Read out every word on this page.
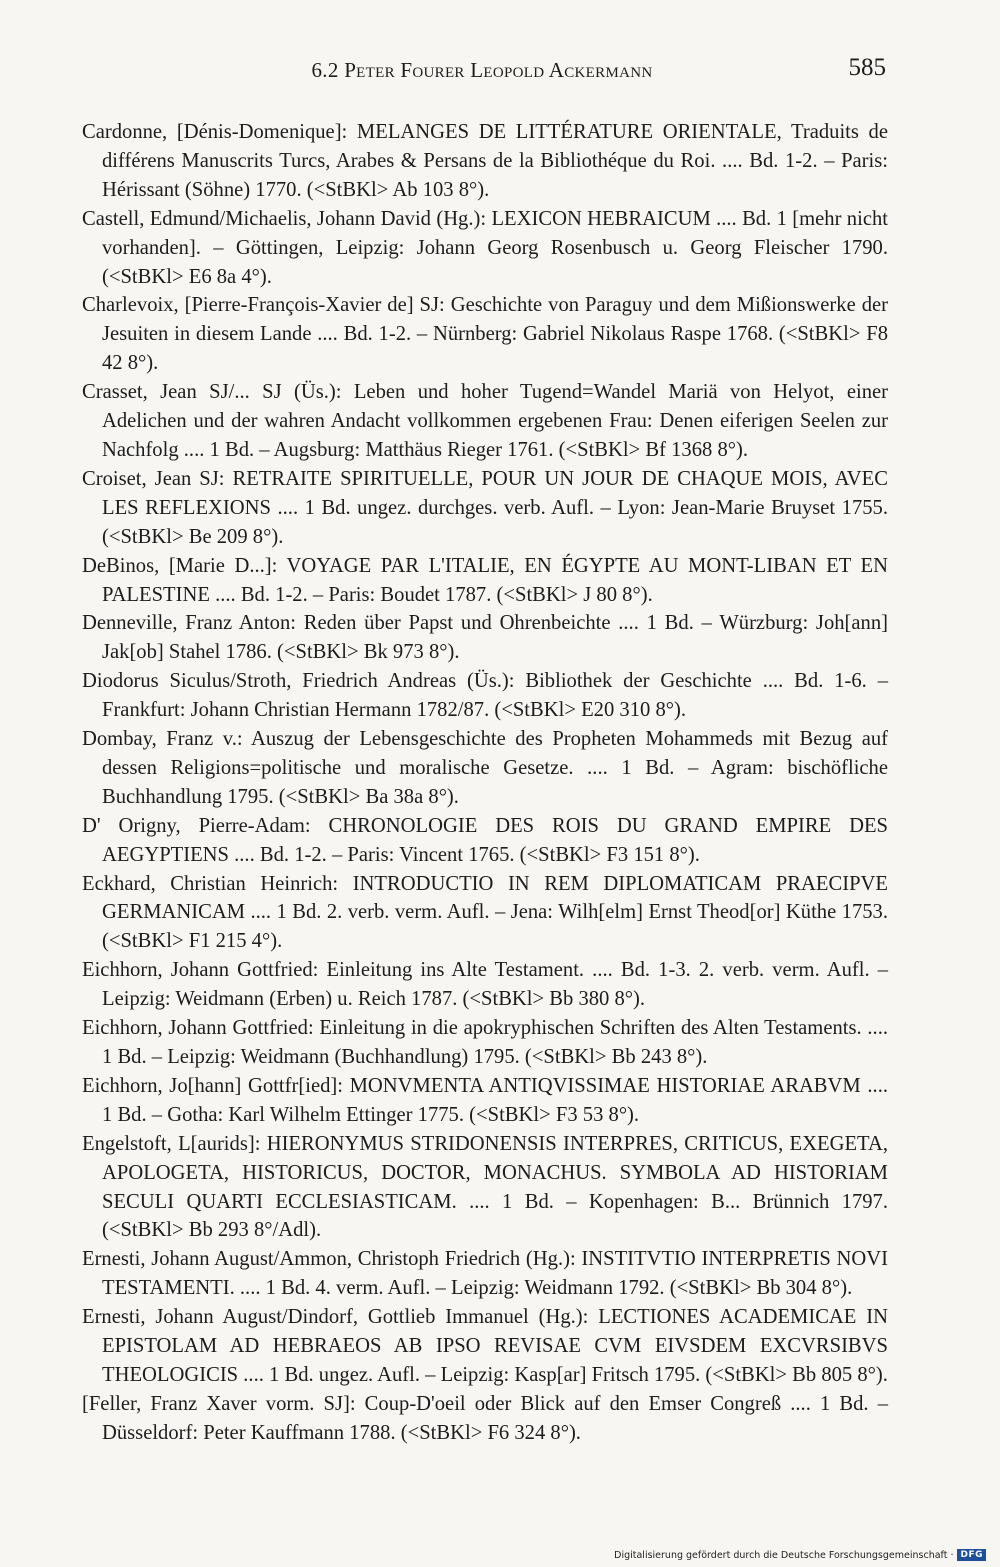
6.2 Peter Fourer Leopold Ackermann	585
Cardonne, [Dénis-Domenique]: MELANGES DE LITTÉRATURE ORIENTALE, Traduits de différens Manuscrits Turcs, Arabes & Persans de la Bibliothéque du Roi. .... Bd. 1-2. – Paris: Hérissant (Söhne) 1770. (<StBKl> Ab 103 8°).
Castell, Edmund/Michaelis, Johann David (Hg.): LEXICON HEBRAICUM .... Bd. 1 [mehr nicht vorhanden]. – Göttingen, Leipzig: Johann Georg Rosenbusch u. Georg Fleischer 1790. (<StBKl> E6 8a 4°).
Charlevoix, [Pierre-François-Xavier de] SJ: Geschichte von Paraguy und dem Mißionswerke der Jesuiten in diesem Lande .... Bd. 1-2. – Nürnberg: Gabriel Nikolaus Raspe 1768. (<StBKl> F8 42 8°).
Crasset, Jean SJ/... SJ (Üs.): Leben und hoher Tugend=Wandel Mariä von Helyot, einer Adelichen und der wahren Andacht vollkommen ergebenen Frau: Denen eiferigen Seelen zur Nachfolg .... 1 Bd. – Augsburg: Matthäus Rieger 1761. (<StBKl> Bf 1368 8°).
Croiset, Jean SJ: RETRAITE SPIRITUELLE, POUR UN JOUR DE CHAQUE MOIS, AVEC LES REFLEXIONS .... 1 Bd. ungez. durchges. verb. Aufl. – Lyon: Jean-Marie Bruyset 1755. (<StBKl> Be 209 8°).
DeBinos, [Marie D...]: VOYAGE PAR L'ITALIE, EN ÉGYPTE AU MONT-LIBAN ET EN PALESTINE .... Bd. 1-2. – Paris: Boudet 1787. (<StBKl> J 80 8°).
Denneville, Franz Anton: Reden über Papst und Ohrenbeichte .... 1 Bd. – Würzburg: Joh[ann] Jak[ob] Stahel 1786. (<StBKl> Bk 973 8°).
Diodorus Siculus/Stroth, Friedrich Andreas (Üs.): Bibliothek der Geschichte .... Bd. 1-6. – Frankfurt: Johann Christian Hermann 1782/87. (<StBKl> E20 310 8°).
Dombay, Franz v.: Auszug der Lebensgeschichte des Propheten Mohammeds mit Bezug auf dessen Religions=politische und moralische Gesetze. .... 1 Bd. – Agram: bischöfliche Buchhandlung 1795. (<StBKl> Ba 38a 8°).
D' Origny, Pierre-Adam: CHRONOLOGIE DES ROIS DU GRAND EMPIRE DES AEGYPTIENS .... Bd. 1-2. – Paris: Vincent 1765. (<StBKl> F3 151 8°).
Eckhard, Christian Heinrich: INTRODUCTIO IN REM DIPLOMATICAM PRAECIPVE GERMANICAM .... 1 Bd. 2. verb. verm. Aufl. – Jena: Wilh[elm] Ernst Theod[or] Küthe 1753. (<StBKl> F1 215 4°).
Eichhorn, Johann Gottfried: Einleitung ins Alte Testament. .... Bd. 1-3. 2. verb. verm. Aufl. – Leipzig: Weidmann (Erben) u. Reich 1787. (<StBKl> Bb 380 8°).
Eichhorn, Johann Gottfried: Einleitung in die apokryphischen Schriften des Alten Testaments. .... 1 Bd. – Leipzig: Weidmann (Buchhandlung) 1795. (<StBKl> Bb 243 8°).
Eichhorn, Jo[hann] Gottfr[ied]: MONVMENTA ANTIQVISSIMAE HISTORIAE ARABVM .... 1 Bd. – Gotha: Karl Wilhelm Ettinger 1775. (<StBKl> F3 53 8°).
Engelstoft, L[aurids]: HIERONYMUS STRIDONENSIS INTERPRES, CRITICUS, EXEGETA, APOLOGETA, HISTORICUS, DOCTOR, MONACHUS. SYMBOLA AD HISTORIAM SECULI QUARTI ECCLESIASTICAM. .... 1 Bd. – Kopenhagen: B... Brünnich 1797. (<StBKl> Bb 293 8°/Adl).
Ernesti, Johann August/Ammon, Christoph Friedrich (Hg.): INSTITVTIO INTERPRETIS NOVI TESTAMENTI. .... 1 Bd. 4. verm. Aufl. – Leipzig: Weidmann 1792. (<StBKl> Bb 304 8°).
Ernesti, Johann August/Dindorf, Gottlieb Immanuel (Hg.): LECTIONES ACADEMICAE IN EPISTOLAM AD HEBRAEOS AB IPSO REVISAE CVM EIVSDEM EXCVRSIBVS THEOLOGICIS .... 1 Bd. ungez. Aufl. – Leipzig: Kasp[ar] Fritsch 1795. (<StBKl> Bb 805 8°).
[Feller, Franz Xaver vorm. SJ]: Coup-D'oeil oder Blick auf den Emser Congreß .... 1 Bd. – Düsseldorf: Peter Kauffmann 1788. (<StBKl> F6 324 8°).
Digitalisierung gefördert durch die Deutsche Forschungsgemeinschaft · DFG
